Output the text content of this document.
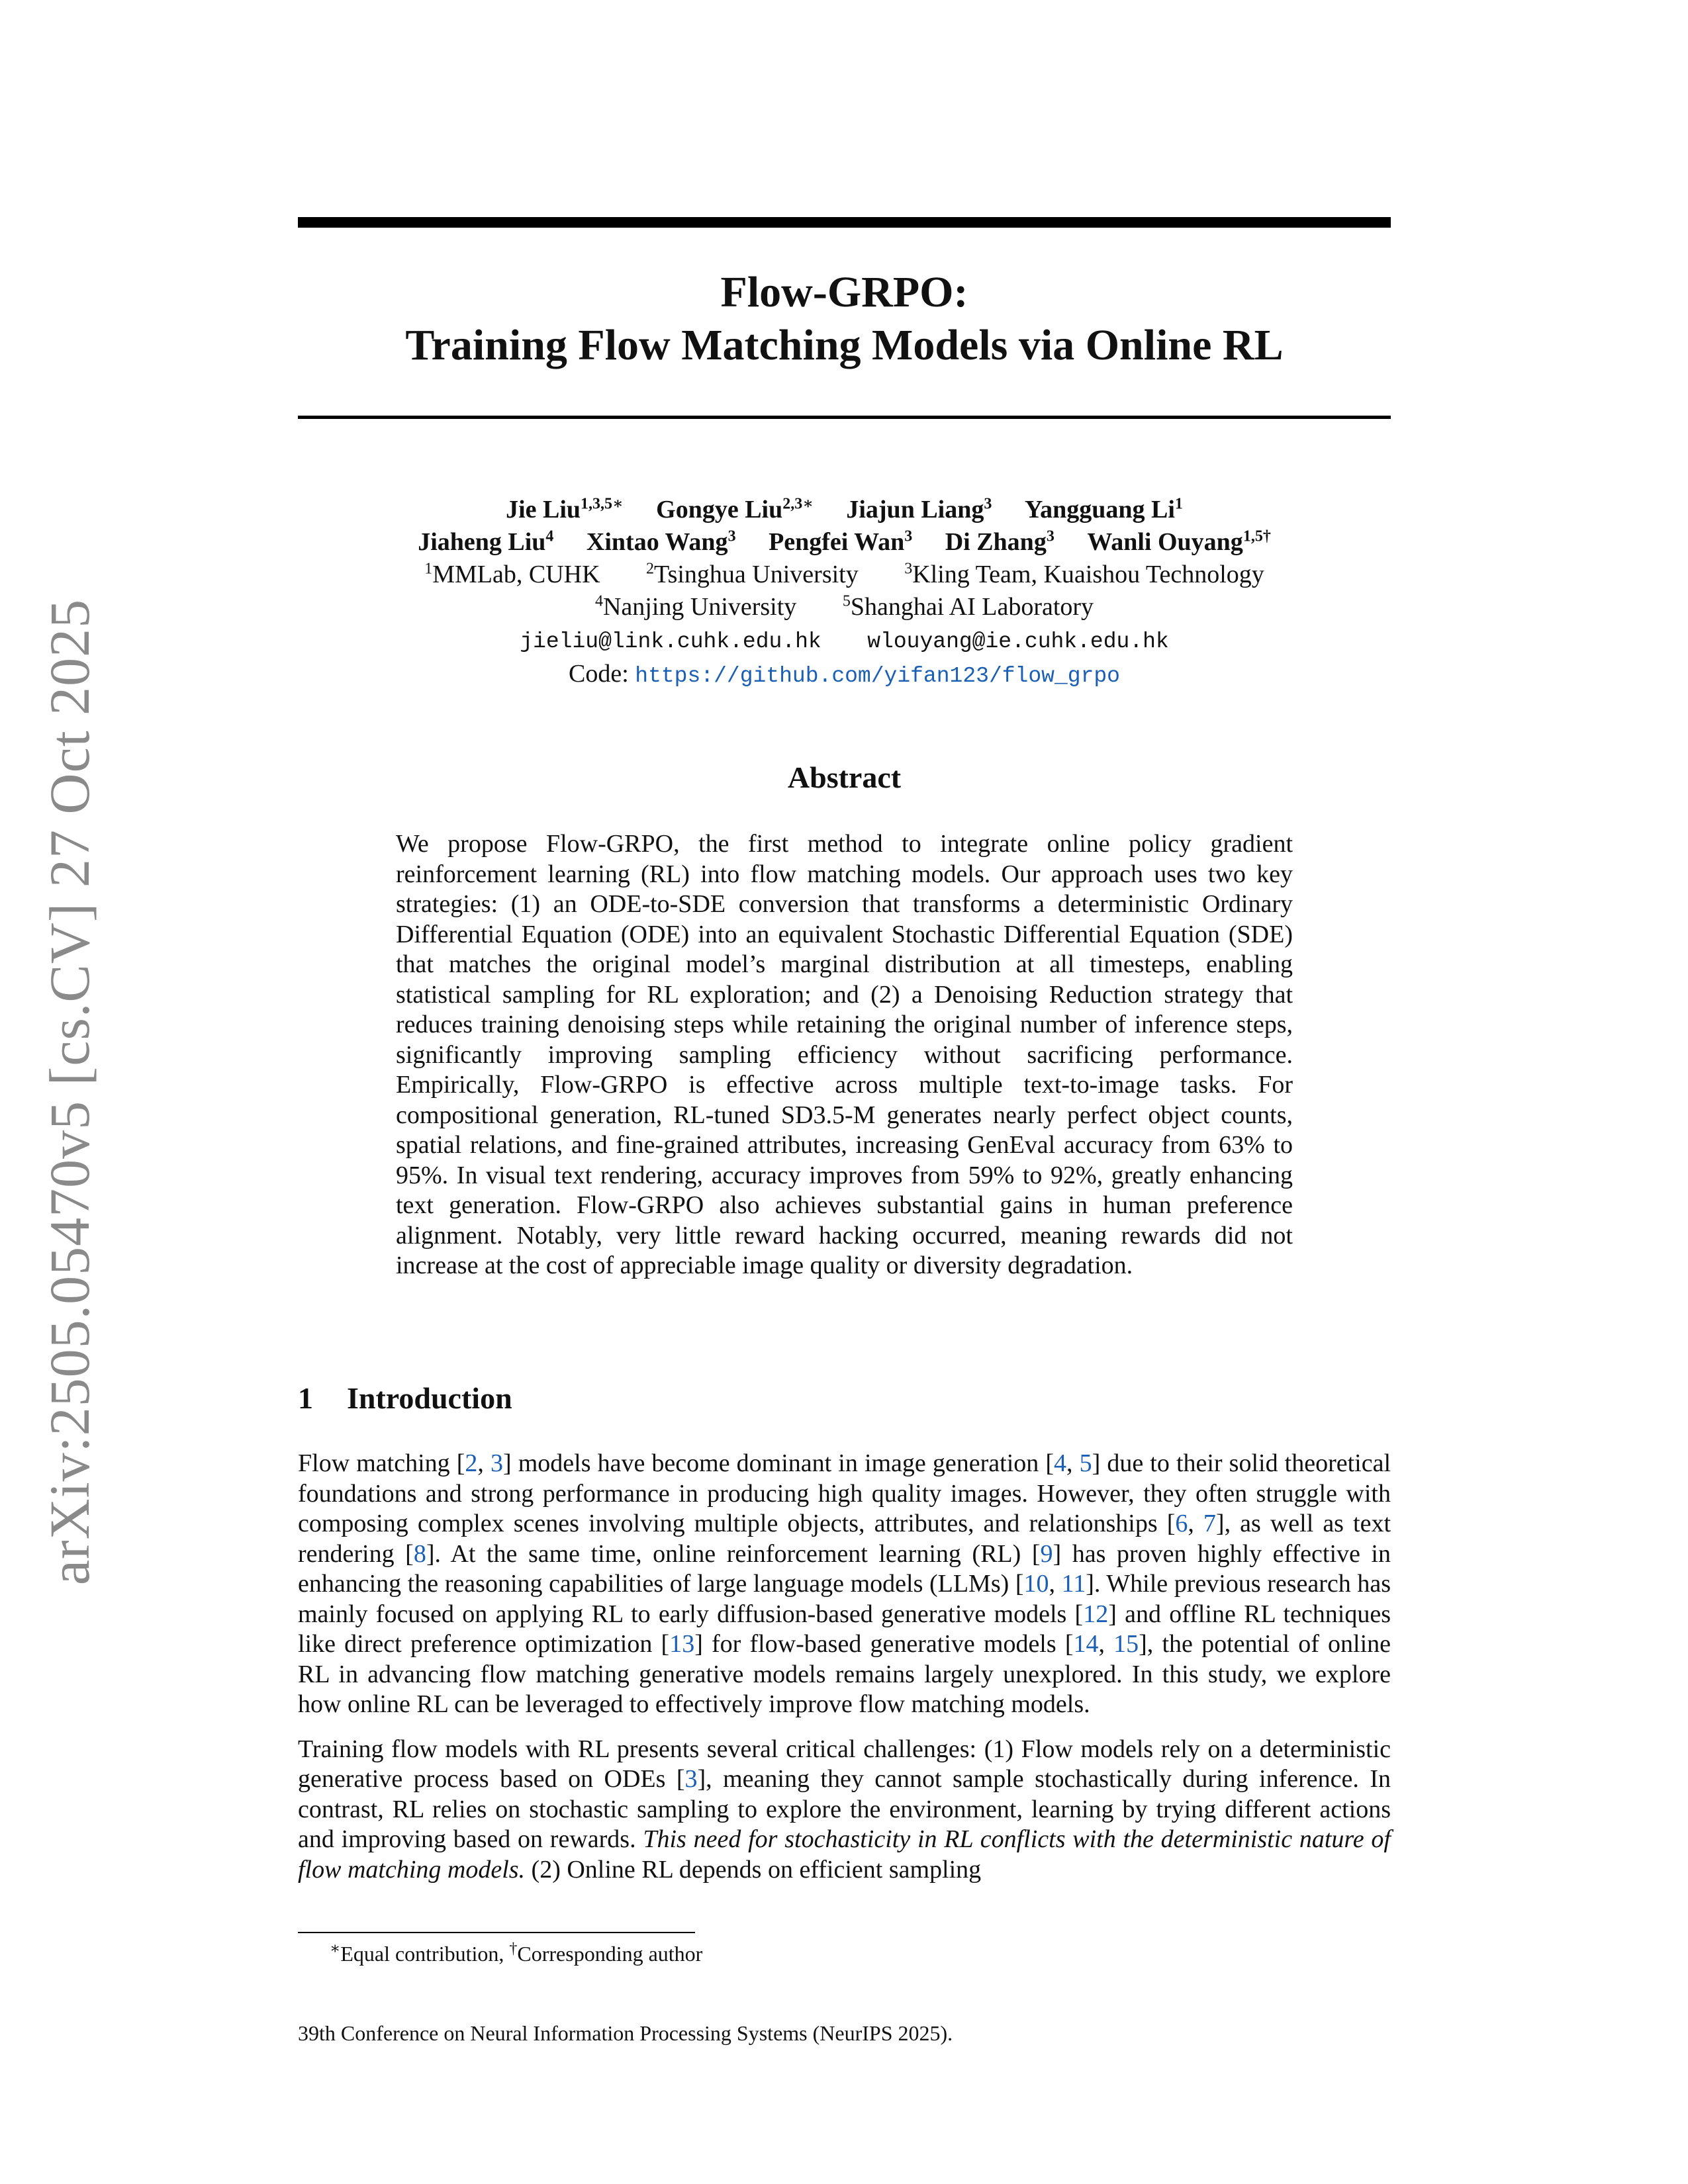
arXiv:2505.05470v5 [cs.CV] 27 Oct 2025
Flow-GRPO:
Training Flow Matching Models via Online RL
Jie Liu$^{1,3,5∗}$ Gongye Liu$^{2,3∗}$ Jiajun Liang$^3$ Yangguang Li$^1$
Jiaheng Liu$^4$ Xintao Wang$^3$ Pengfei Wan$^3$ Di Zhang$^3$ Wanli Ouyang$^{1,5\dagger}$
$^1$MMLab, CUHK	$^2$Tsinghua University	$^3$Kling Team, Kuaishou Technology
$^4$Nanjing University	$^5$Shanghai AI Laboratory
jieliu@link.cuhk.edu.hk wlouyang@ie.cuhk.edu.hk
Code: https://github.com/yifan123/flow_grpo
Abstract
We propose Flow-GRPO, the first method to integrate online policy gradient reinforcement learning (RL) into flow matching models. Our approach uses two key strategies: (1) an ODE-to-SDE conversion that transforms a deterministic Ordinary Differential Equation (ODE) into an equivalent Stochastic Differential Equation (SDE) that matches the original model’s marginal distribution at all timesteps, enabling statistical sampling for RL exploration; and (2) a Denoising Reduction strategy that reduces training denoising steps while retaining the original number of inference steps, significantly improving sampling efficiency without sacrificing performance. Empirically, Flow-GRPO is effective across multiple text-to-image tasks. For compositional generation, RL-tuned SD3.5-M generates nearly perfect object counts, spatial relations, and fine-grained attributes, increasing GenEval accuracy from 63% to 95%. In visual text rendering, accuracy improves from 59% to 92%, greatly enhancing text generation. Flow-GRPO also achieves substantial gains in human preference alignment. Notably, very little reward hacking occurred, meaning rewards did not increase at the cost of appreciable image quality or diversity degradation.
1 Introduction

Flow matching [2, 3] models have become dominant in image generation [4, 5] due to their solid theoretical foundations and strong performance in producing high quality images. However, they often struggle with composing complex scenes involving multiple objects, attributes, and relationships [6, 7], as well as text rendering [8]. At the same time, online reinforcement learning (RL) [9] has proven highly effective in enhancing the reasoning capabilities of large language models (LLMs) [10, 11]. While previous research has mainly focused on applying RL to early diffusion-based generative models [12] and offline RL techniques like direct preference optimization [13] for flow-based generative models [14, 15], the potential of online RL in advancing flow matching generative models remains largely unexplored. In this study, we explore how online RL can be leveraged to effectively improve flow matching models.

Training flow models with RL presents several critical challenges: (1) Flow models rely on a deterministic generative process based on ODEs [3], meaning they cannot sample stochastically during inference. In contrast, RL relies on stochastic sampling to explore the environment, learning by trying different actions and improving based on rewards. This need for stochasticity in RL conflicts with the deterministic nature of flow matching models. (2) Online RL depends on efficient sampling

∗Equal contribution, †Corresponding author
39th Conference on Neural Information Processing Systems (NeurIPS 2025).
